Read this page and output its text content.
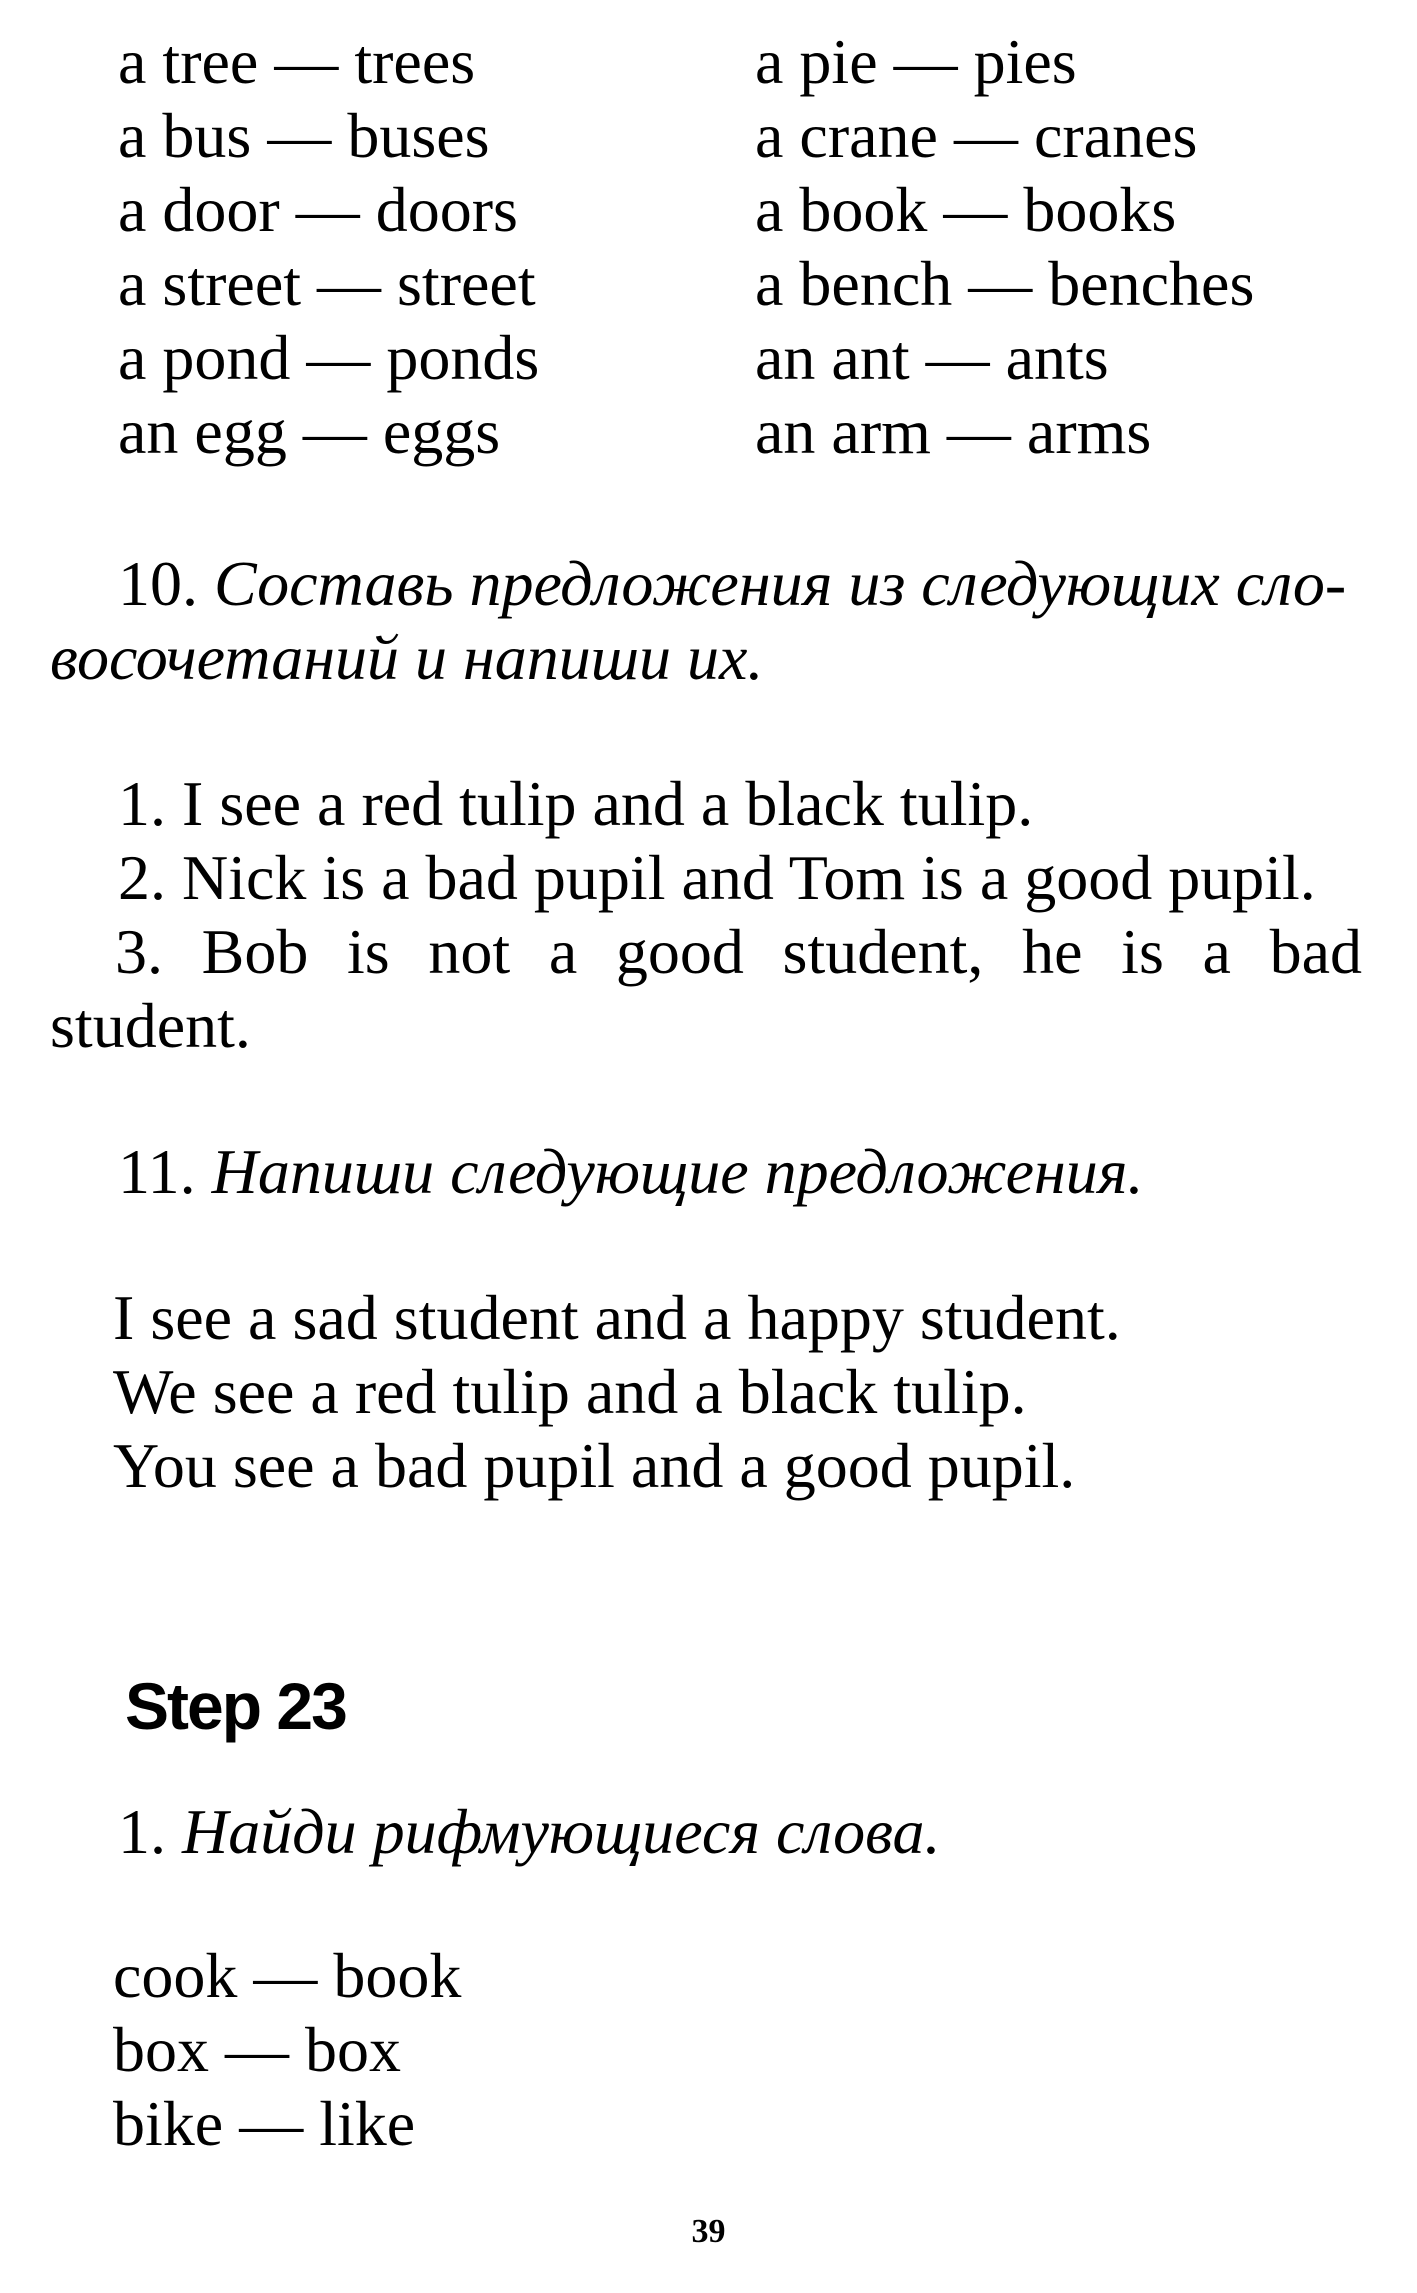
a tree — trees
a bus — buses
a door — doors
a street — street
a pond — ponds
an egg — eggs
a pie — pies
a crane — cranes
a book — books
a bench — benches
an ant — ants
an arm — arms
10. Составь предложения из следующих сло-
восочетаний и напиши их.
1. I see a red tulip and a black tulip.
2. Nick is a bad pupil and Tom is a good pupil.
3. Bob is not a good student, he is a bad
student.
11. Напиши следующие предложения.
I see a sad student and a happy student.
We see a red tulip and a black tulip.
You see a bad pupil and a good pupil.
Step 23
1. Найди рифмующиеся слова.
cook — book
box — box
bike — like
39
